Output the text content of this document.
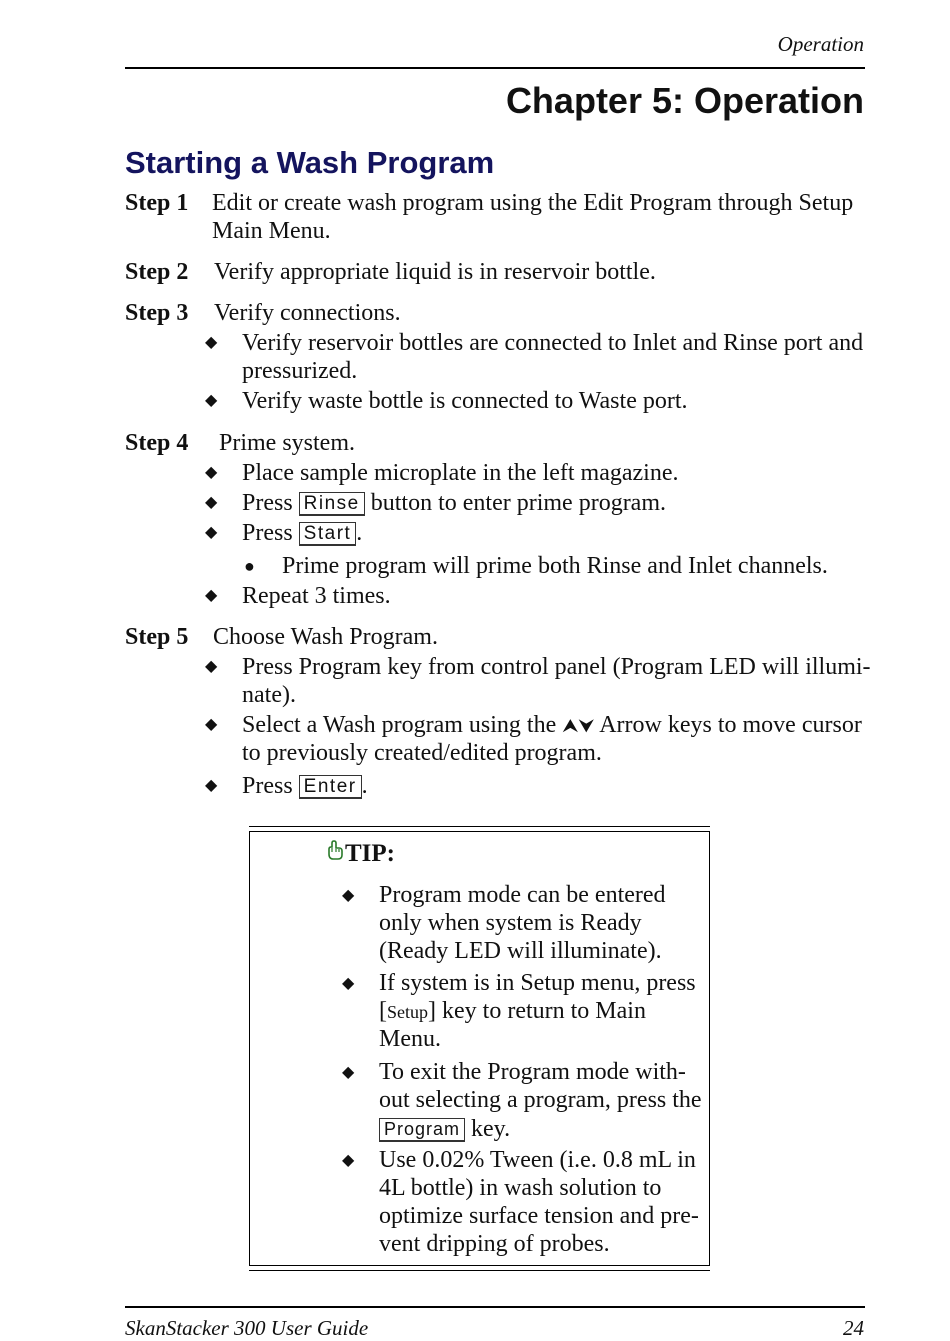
Operation
Chapter 5: Operation
Starting a Wash Program
Step 1 Edit or create wash program using the Edit Program through Setup
Main Menu.
Step 2 Verify appropriate liquid is in reservoir bottle.
Step 3 Verify connections.
◆ Verify reservoir bottles are connected to Inlet and Rinse port and
pressurized.
◆ Verify waste bottle is connected to Waste port.
Step 4 Prime system.
◆ Place sample microplate in the left magazine.
◆ Press Rinse button to enter prime program.
◆ Press Start .
● Prime program will prime both Rinse and Inlet channels.
◆ Repeat 3 times.
Step 5 Choose Wash Program.
◆ Press Program key from control panel (Program LED will illumi-
nate).
◆ Select a Wash program using the ⮝⮟ Arrow keys to move cursor
to previously created/edited program.
◆ Press Enter .
TIP:
◆ Program mode can be entered
only when system is Ready
(Ready LED will illuminate).
◆ If system is in Setup menu, press
[Setup] key to return to Main
Menu.
◆ To exit the Program mode with-
out selecting a program, press the
Program key.
◆ Use 0.02% Tween (i.e. 0.8 mL in
4L bottle) in wash solution to
optimize surface tension and pre-
vent dripping of probes.
SkanStacker 300 User Guide	24
